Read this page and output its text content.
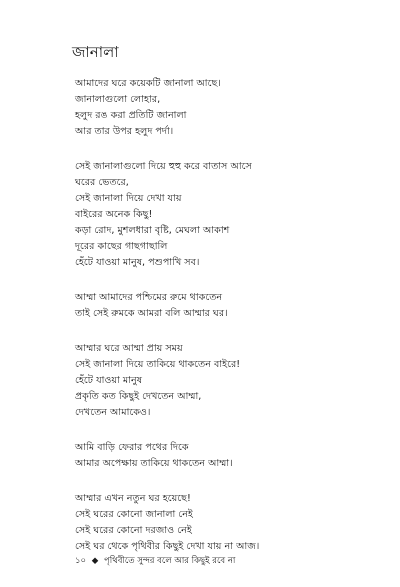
জানালা
আমাদের ঘরে কয়েকটি জানালা আছে।
জানালাগুলো লোহার,
হলুদ রঙ করা প্রতিটি জানালা
আর তার উপর হলুদ পর্দা।
সেই জানালাগুলো দিয়ে হুহু করে বাতাস আসে
ঘরের ভেতরে,
সেই জানালা দিয়ে দেখা যায়
বাইরের অনেক কিছু!
কড়া রোদ, মুশলধারা বৃষ্টি, মেঘলা আকাশ
দূরের কাছের গাছগাছালি
হেঁটে যাওয়া মানুষ, পশুপাখি সব।
আম্মা আমাদের পশ্চিমের রুমে থাকতেন
তাই সেই রুমকে আমরা বলি আম্মার ঘর।
আম্মার ঘরে আম্মা প্রায় সময়
সেই জানালা দিয়ে তাকিয়ে থাকতেন বাইরে!
হেঁটে যাওয়া মানুষ
প্রকৃতি কত কিছুই দেখতেন আম্মা,
দেখতেন আমাকেও।
আমি বাড়ি ফেরার পথের দিকে
আমার অপেক্ষায় তাকিয়ে থাকতেন আম্মা।
আম্মার এখন নতুন ঘর হয়েছে!
সেই ঘরের কোনো জানালা নেই
সেই ঘরের কোনো দরজাও নেই
সেই ঘর থেকে পৃথিবীর কিছুই দেখা যায় না আজ।
১০ ◆ পৃথিবীতে সুন্দর বলে আর কিছুই রবে না
